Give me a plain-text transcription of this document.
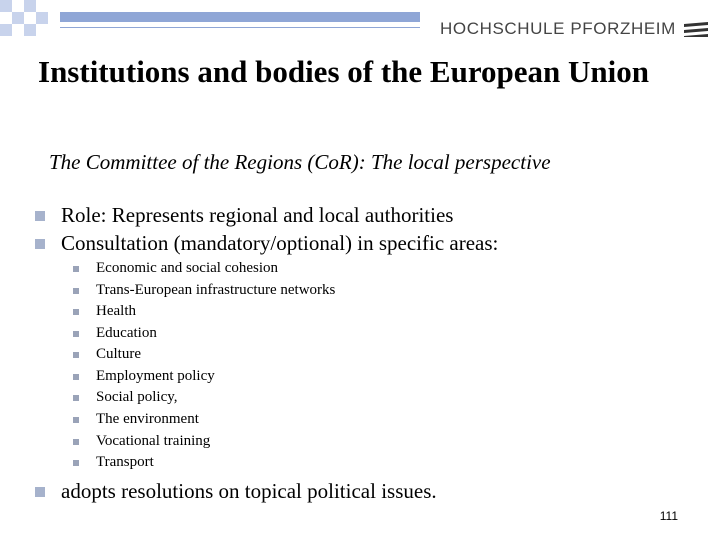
HOCHSCHULE PFORZHEIM
Institutions and bodies of the European Union
The Committee of the Regions (CoR): The local perspective
Role: Represents regional and local authorities
Consultation (mandatory/optional) in specific areas:
Economic and social cohesion
Trans-European infrastructure networks
Health
Education
Culture
Employment policy
Social policy,
The environment
Vocational training
Transport
adopts resolutions on topical political issues.
111
